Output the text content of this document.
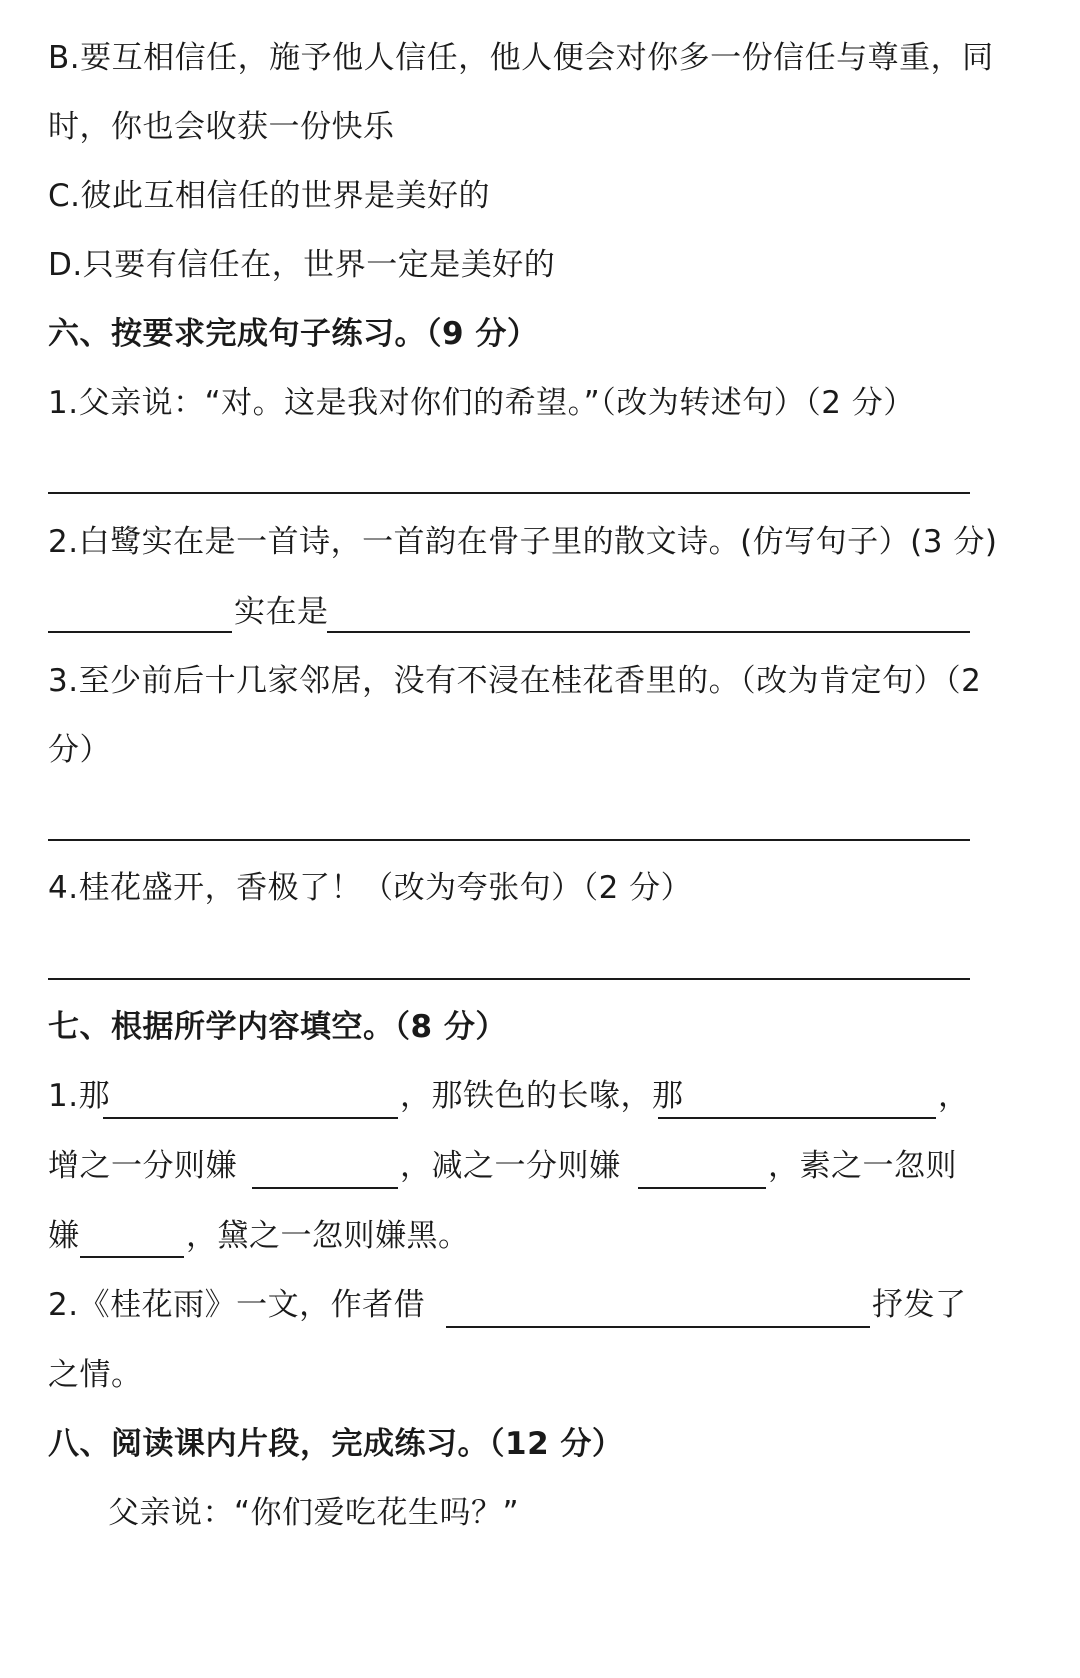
B.要互相信任，施予他人信任，他人便会对你多一份信任与尊重，同
时，你也会收获一份快乐
C.彼此互相信任的世界是美好的
D.只要有信任在，世界一定是美好的
六、按要求完成句子练习。（9 分）
1.父亲说：“对。这是我对你们的希望。”（改为转述句）（2 分）
2.白鹭实在是一首诗，一首韵在骨子里的散文诗。(仿写句子）(3 分)
实在是
3.至少前后十几家邻居，没有不浸在桂花香里的。（改为肯定句）（2
分）
4.桂花盛开，香极了！（改为夸张句）（2 分）
七、根据所学内容填空。（8 分）
1.那	，那铁色的长喙，那	，
增之一分则嫌	，减之一分则嫌	，素之一忽则
嫌	，黛之一忽则嫌黑。
2.《桂花雨》一文，作者借	抒发了
之情。
八、阅读课内片段，完成练习。（12 分）
父亲说：“你们爱吃花生吗？”
